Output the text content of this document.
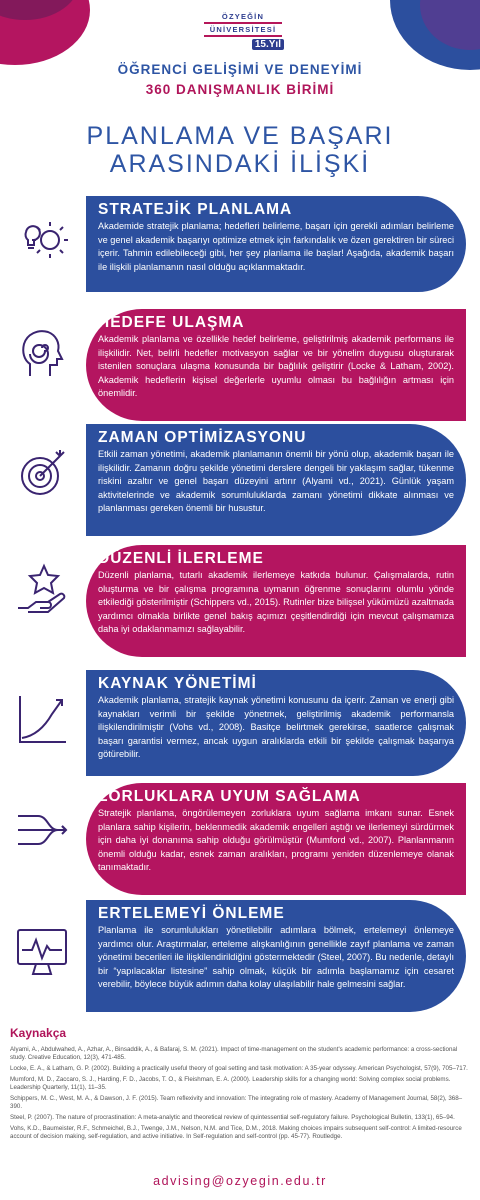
ÖZYEĞİN
ÜNİVERSİTESİ
15.Yıl
ÖĞRENCİ GELİŞİMİ VE DENEYİMİ
360 DANIŞMANLIK BİRİMİ
PLANLAMA VE BAŞARI
ARASINDAKİ İLİŞKİ
STRATEJİK PLANLAMA

Akademide stratejik planlama; hedefleri belirleme, başarı için gerekli adımları belirleme ve genel akademik başarıyı optimize etmek için farkındalık ve özen gerektiren bir süreci içerir. Tahmin edilebileceği gibi, her şey planlama ile başlar! Aşağıda, akademik başarı ile ilişkili planlamanın nasıl olduğu açıklanmaktadır.

HEDEFE ULAŞMA

Akademik planlama ve özellikle hedef belirleme, geliştirilmiş akademik performans ile ilişkilidir. Net, belirli hedefler motivasyon sağlar ve bir yönelim duygusu oluşturarak istenilen sonuçlara ulaşma konusunda bir bağlılık geliştirir (Locke & Latham, 2002). Akademik hedeflerin kişisel değerlerle uyumlu olması bu bağlılığın artması için önemlidir.

ZAMAN OPTİMİZASYONU

Etkili zaman yönetimi, akademik planlamanın önemli bir yönü olup, akademik başarı ile ilişkilidir. Zamanın doğru şekilde yönetimi derslere dengeli bir yaklaşım sağlar, tükenme riskini azaltır ve genel başarı düzeyini artırır (Alyami vd., 2021). Günlük yaşam aktivitelerinde ve akademik sorumluluklarda zamanı yönetimi dikkate alınması ve planlanması gereken önemli bir husustur.

DÜZENLİ İLERLEME

Düzenli planlama, tutarlı akademik ilerlemeye katkıda bulunur. Çalışmalarda, rutin oluşturma ve bir çalışma programına uymanın öğrenme sonuçlarını olumlu yönde etkilediği gösterilmiştir (Schippers vd., 2015). Rutinler bize bilişsel yükümüzü azaltmada yardımcı olmakla birlikte genel bakış açımızı çeşitlendirdiği için mevcut çalışmamıza daha iyi odaklanmamızı sağlayabilir.

KAYNAK YÖNETİMİ

Akademik planlama, stratejik kaynak yönetimi konusunu da içerir. Zaman ve enerji gibi kaynakları verimli bir şekilde yönetmek, geliştirilmiş akademik performansla ilişkilendirilmiştir (Vohs vd., 2008). Basitçe belirtmek gerekirse, saatlerce çalışmak başarı garantisi vermez, ancak uygun aralıklarda etkili bir şekilde çalışmak başarıya götürebilir.

ZORLUKLARA UYUM SAĞLAMA

Stratejik planlama, öngörülemeyen zorluklara uyum sağlama imkanı sunar. Esnek planlara sahip kişilerin, beklenmedik akademik engelleri aştığı ve ilerlemeyi sürdürmek için daha iyi donanıma sahip olduğu görülmüştür (Mumford vd., 2007). Planlanmanın önemli olduğu kadar, esnek zaman aralıkları, programı yeniden düzenlemeye olanak tanımaktadır.

ERTELEMEYİ ÖNLEME

Planlama ile sorumlulukları yönetilebilir adımlara bölmek, ertelemeyi önlemeye yardımcı olur. Araştırmalar, erteleme alışkanlığının genellikle zayıf planlama ve zaman yönetimi becerileri ile ilişkilendirildiğini göstermektedir (Steel, 2007). Bu nedenle, detaylı bir “yapılacaklar listesine” sahip olmak, küçük bir adımla başlamamız için cesaret verebilir, böylece büyük adımın daha kolay ulaşılabilir hale gelmesini sağlar.

Kaynakça
Alyami, A., Abdulwahed, A., Azhar, A., Binsaddik, A., & Bafaraj, S. M. (2021). Impact of time-management on the student's academic performance: a cross-sectional study. Creative Education, 12(3), 471-485.
Locke, E. A., & Latham, G. P. (2002). Building a practically useful theory of goal setting and task motivation: A 35-year odyssey. American Psychologist, 57(9), 705–717.
Mumford, M. D., Zaccaro, S. J., Harding, F. D., Jacobs, T. O., & Fleishman, E. A. (2000). Leadership skills for a changing world: Solving complex social problems. Leadership Quarterly, 11(1), 11–35.
Schippers, M. C., West, M. A., & Dawson, J. F. (2015). Team reflexivity and innovation: The integrating role of mastery. Academy of Management Journal, 58(2), 368–390.
Steel, P. (2007). The nature of procrastination: A meta-analytic and theoretical review of quintessential self-regulatory failure. Psychological Bulletin, 133(1), 65–94.
Vohs, K.D., Baumeister, R.F., Schmeichel, B.J., Twenge, J.M., Nelson, N.M. and Tice, D.M., 2018. Making choices impairs subsequent self-control: A limited-resource account of decision making, self-regulation, and active initiative. In Self-regulation and self-control (pp. 45-77). Routledge.
advising@ozyegin.edu.tr
